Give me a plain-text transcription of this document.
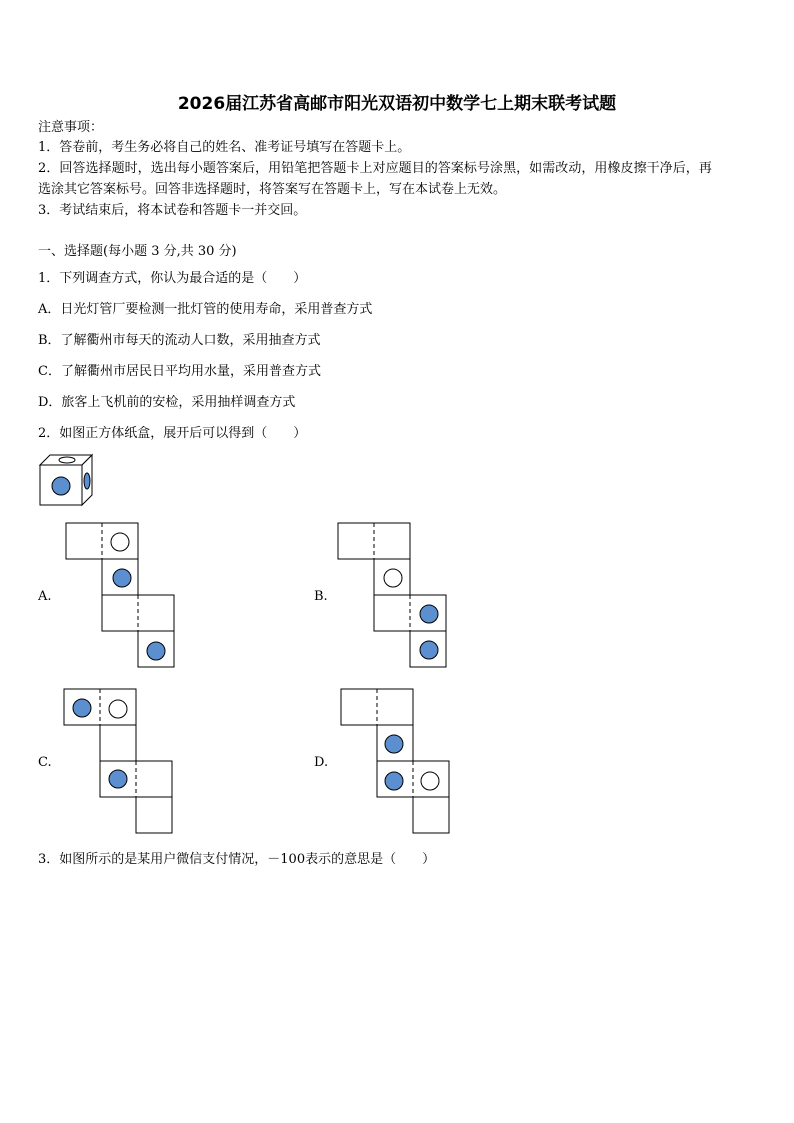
2026届江苏省高邮市阳光双语初中数学七上期末联考试题
注意事项：
1．答卷前，考生务必将自己的姓名、准考证号填写在答题卡上。
2．回答选择题时，选出每小题答案后，用铅笔把答题卡上对应题目的答案标号涂黑，如需改动，用橡皮擦干净后，再
选涂其它答案标号。回答非选择题时，将答案写在答题卡上，写在本试卷上无效。
3．考试结束后，将本试卷和答题卡一并交回。
一、选择题(每小题 3 分,共 30 分)
1．下列调查方式，你认为最合适的是（　　）
A．日光灯管厂要检测一批灯管的使用寿命，采用普查方式
B．了解衢州市每天的流动人口数，采用抽查方式
C．了解衢州市居民日平均用水量，采用普查方式
D．旅客上飞机前的安检，采用抽样调查方式
2．如图正方体纸盒，展开后可以得到（　　）
A.	B.
C.	D.
3．如图所示的是某用户微信支付情况，－100表示的意思是（　　）
